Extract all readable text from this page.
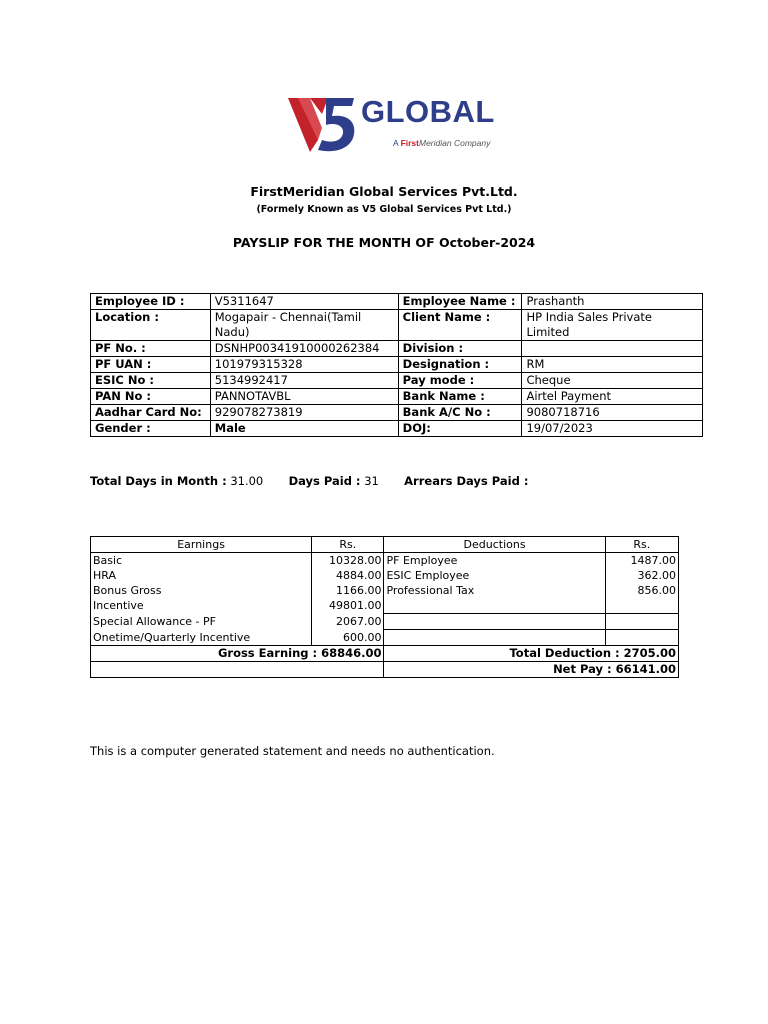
GLOBAL
A FirstMeridian Company
FirstMeridian Global Services Pvt.Ltd.
(Formely Known as V5 Global Services Pvt Ltd.)
PAYSLIP FOR THE MONTH OF October-2024
Employee ID :	V5311647	Employee Name :	Prashanth
Location :	Mogapair - Chennai(Tamil Nadu)	Client Name :	HP India Sales Private Limited
PF No. :	DSNHP00341910000262384	Division :	
PF UAN :	101979315328	Designation :	RM
ESIC No :	5134992417	Pay mode :	Cheque
PAN No :	PANNOTAVBL	Bank Name :	Airtel Payment
Aadhar Card No:	929078273819	Bank A/C No :	9080718716
Gender :	Male	DOJ:	19/07/2023
Total Days in Month : 31.00 Days Paid : 31 Arrears Days Paid :
Earnings	Rs.	Deductions	Rs.
Basic	10328.00	PF Employee	1487.00
HRA	4884.00	ESIC Employee	362.00
Bonus Gross	1166.00	Professional Tax	856.00
Incentive	49801.00		
Special Allowance - PF	2067.00		
Onetime/Quarterly Incentive	600.00		
Gross Earning : 68846.00		Total Deduction : 2705.00	
		Net Pay : 66141.00	
This is a computer generated statement and needs no authentication.
